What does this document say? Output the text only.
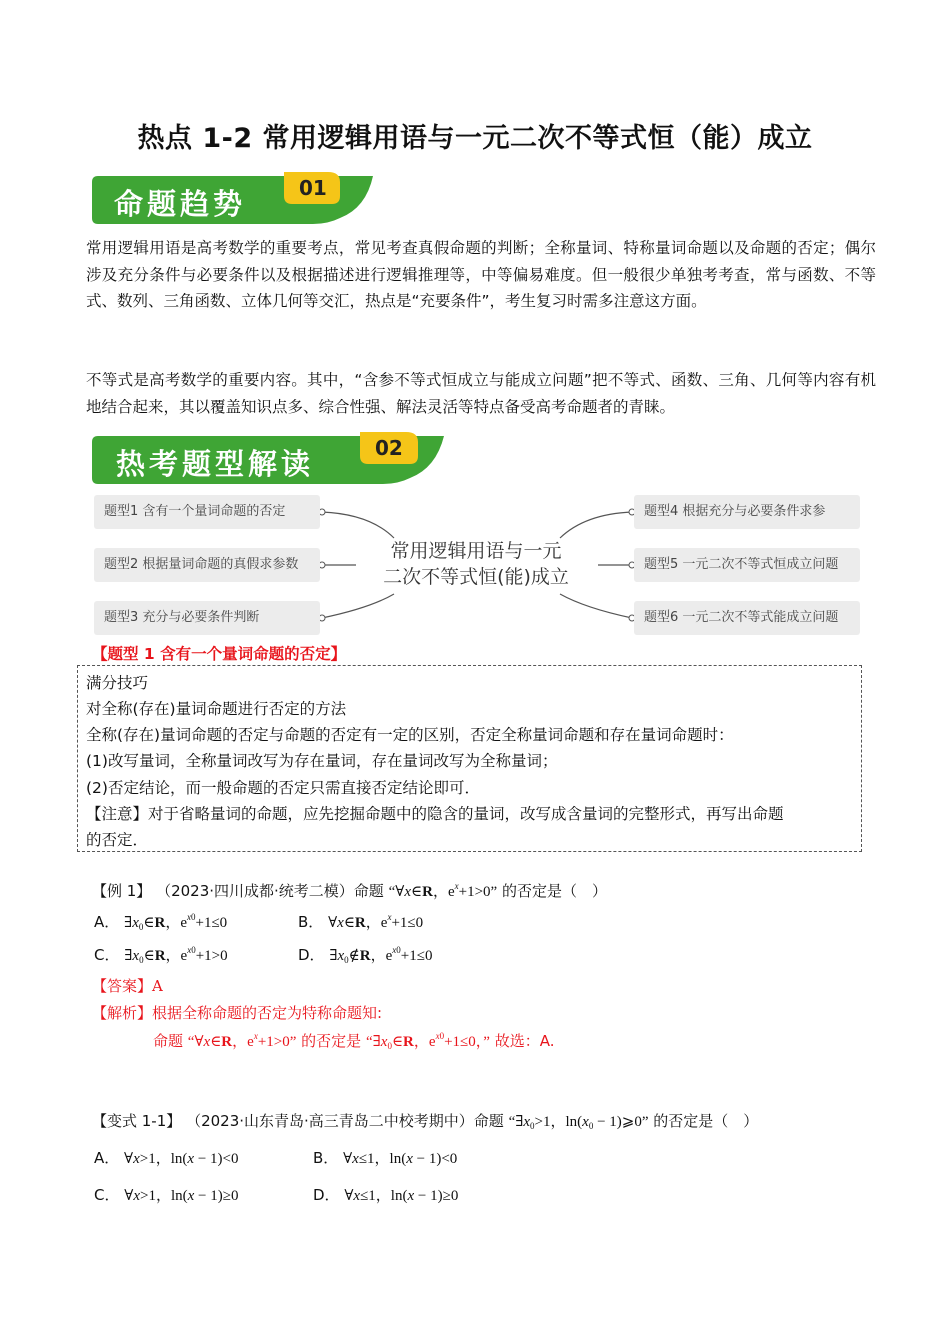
热点 1-2 常用逻辑用语与一元二次不等式恒（能）成立
命题趋势	01
常用逻辑用语是高考数学的重要考点，常见考查真假命题的判断；全称量词、特称量词命题以及命题的否定；偶尔涉及充分条件与必要条件以及根据描述进行逻辑推理等，中等偏易难度。但一般很少单独考考查，常与函数、不等式、数列、三角函数、立体几何等交汇，热点是“充要条件”，考生复习时需多注意这方面。
不等式是高考数学的重要内容。其中，“含参不等式恒成立与能成立问题”把不等式、函数、三角、几何等内容有机地结合起来，其以覆盖知识点多、综合性强、解法灵活等特点备受高考命题者的青睐。
热考题型解读	02
题型1 含有一个量词命题的否定
题型2 根据量词命题的真假求参数
题型3 充分与必要条件判断
题型4 根据充分与必要条件求参
题型5 一元二次不等式恒成立问题
题型6 一元二次不等式能成立问题
常用逻辑用语与一元
二次不等式恒(能)成立
【题型 1 含有一个量词命题的否定】
满分技巧
对全称(存在)量词命题进行否定的方法
全称(存在)量词命题的否定与命题的否定有一定的区别，否定全称量词命题和存在量词命题时：
(1)改写量词，全称量词改写为存在量词，存在量词改写为全称量词；
(2)否定结论，而一般命题的否定只需直接否定结论即可．
【注意】对于省略量词的命题，应先挖掘命题中的隐含的量词，改写成含量词的完整形式，再写出命题
的否定．
【例 1】 （2023·四川成都·统考二模）命题 “∀x∈R，$e^x+1>0$” 的否定是（　）
A． $\exists x_0\in R$，$e^{x0}+1\le 0$	B． ∀x∈R，$e^x+1\le 0$
C． $\exists x_0\in R$，$e^{x0}+1>0$	D． $\exists x_0\notin R$，$e^{x0}+1\le 0$
【答案】A
【解析】根据全称命题的否定为特称命题知:
命题 “∀x∈R，$e^x+1>0$” 的否定是 “$\exists x_0\in R$，$e^{x0}+1\le 0$，” 故选：A.
【变式 1-1】 （2023·山东青岛·高三青岛二中校考期中）命题 “$\exists x_0>1$，$\ln(x_0$ − 1)⩾0” 的否定是（　）
A． ∀x>1，ln(x − 1)<0	B． ∀x≤1，ln(x − 1)<0
C． ∀x>1，ln(x − 1)≥0	D． ∀x≤1，ln(x − 1)≥0
